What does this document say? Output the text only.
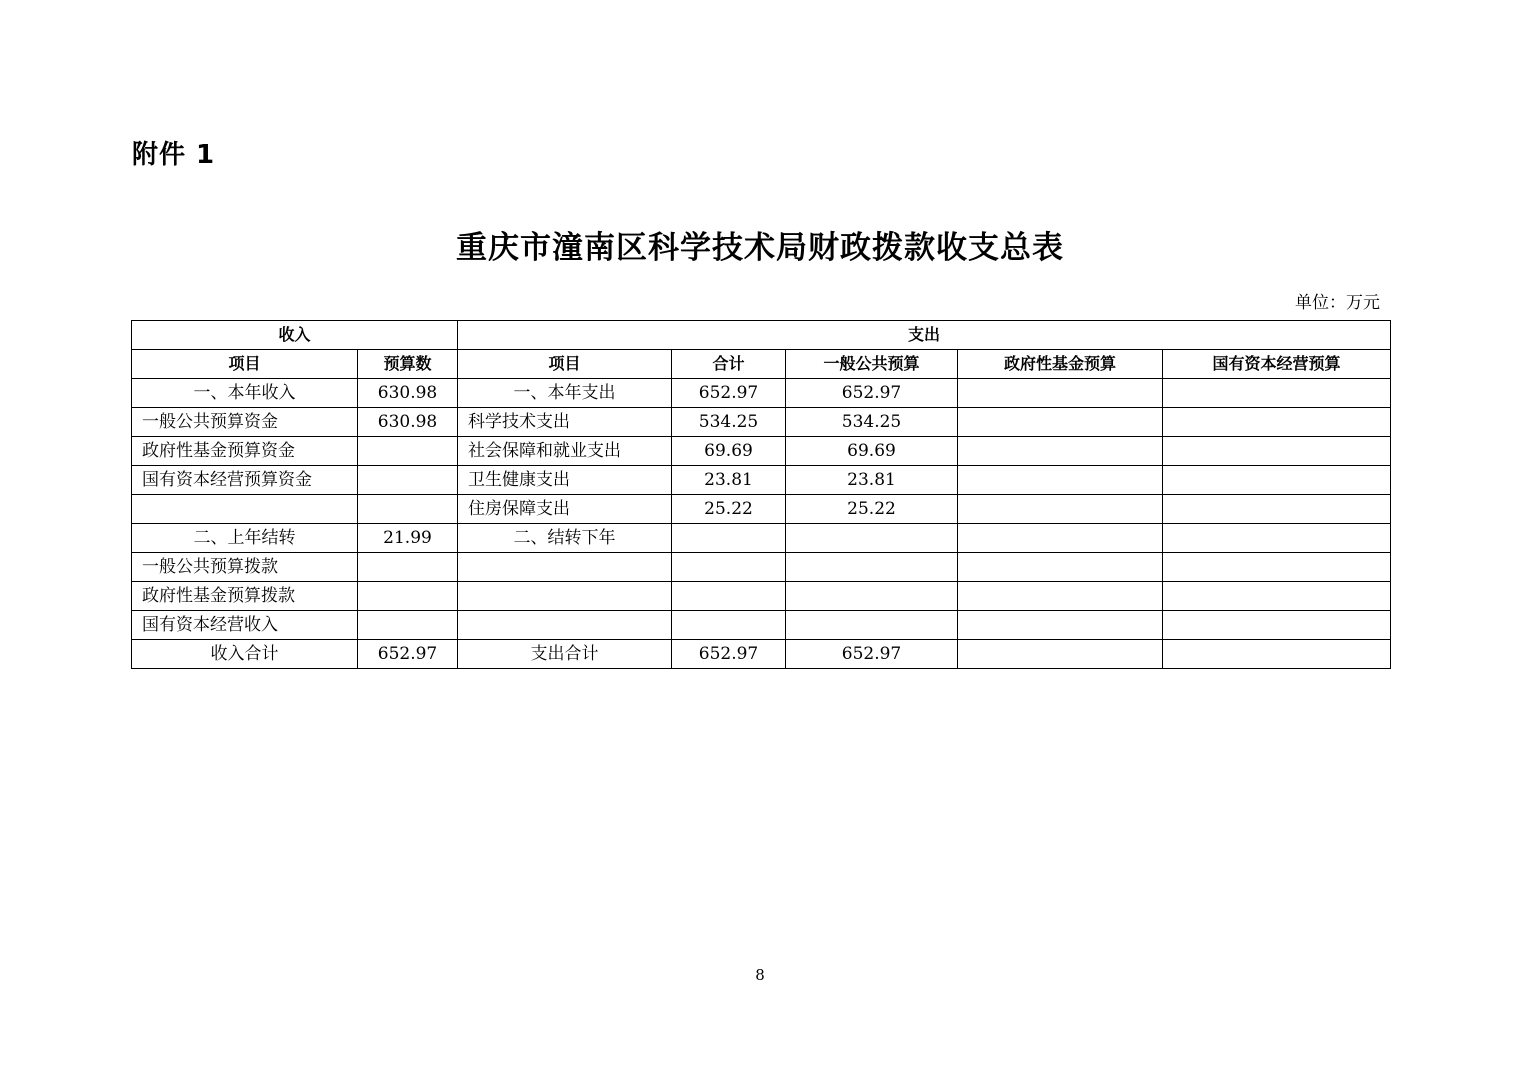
附件 1
重庆市潼南区科学技术局财政拨款收支总表
单位：万元
收入		支出				
项目	预算数	项目	合计	一般公共预算	政府性基金预算	国有资本经营预算
一、本年收入	630.98	一、本年支出	652.97	652.97		
一般公共预算资金	630.98	科学技术支出	534.25	534.25		
政府性基金预算资金		社会保障和就业支出	69.69	69.69		
国有资本经营预算资金		卫生健康支出	23.81	23.81		
		住房保障支出	25.22	25.22		
二、上年结转	21.99	二、结转下年				
一般公共预算拨款						
政府性基金预算拨款						
国有资本经营收入						
收入合计	652.97	支出合计	652.97	652.97		
8
